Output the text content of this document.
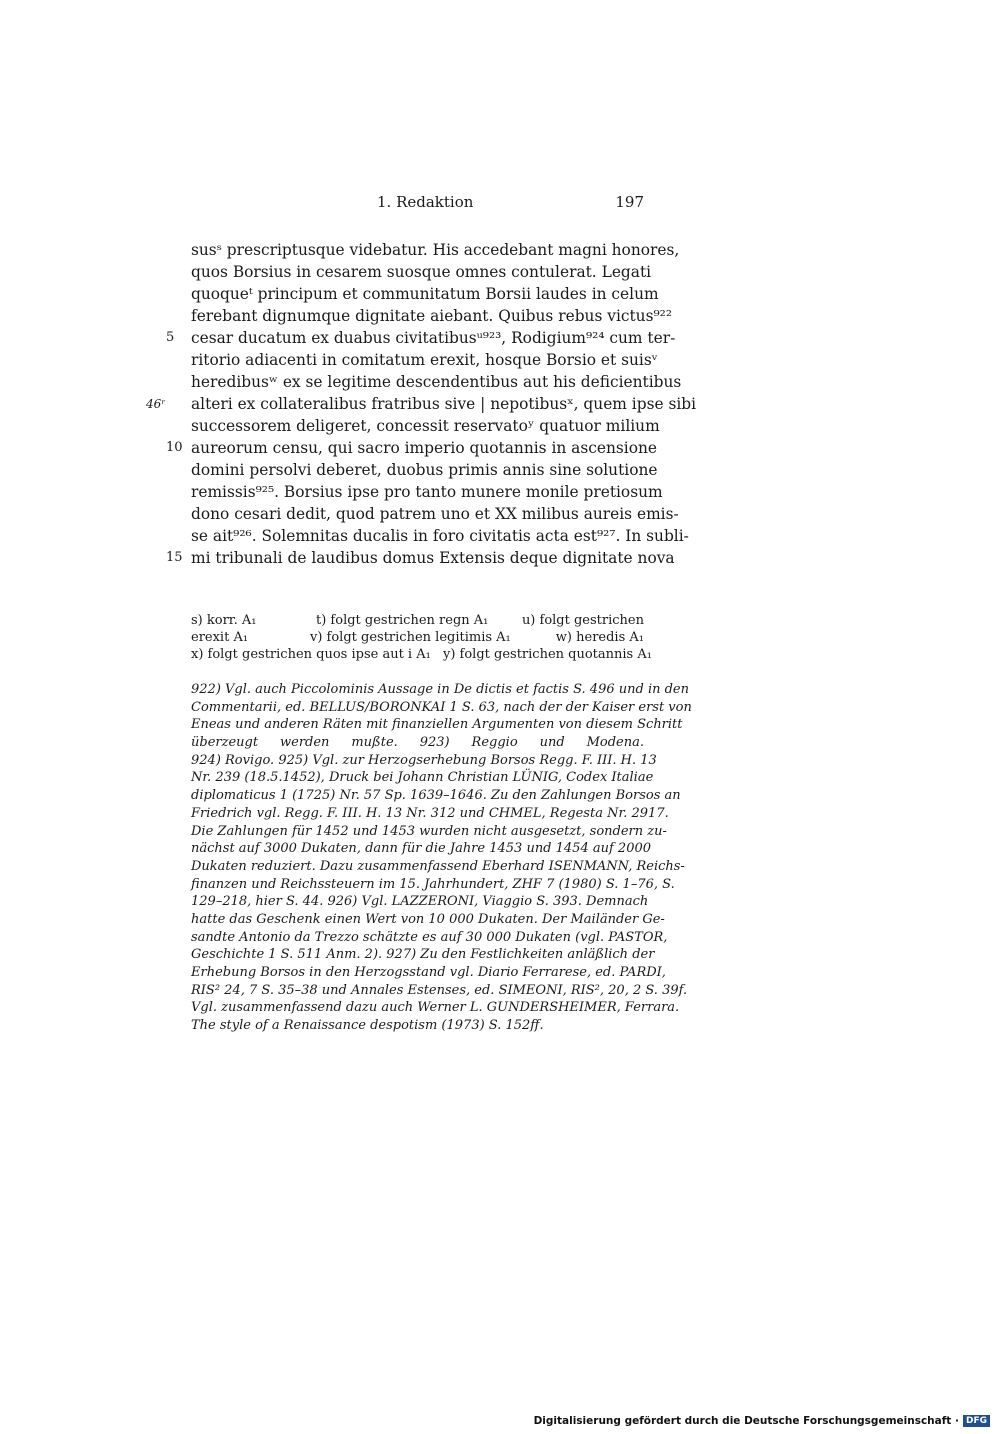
1. Redaktion	197
susˢ prescriptusque videbatur. His accedebant magni honores,
quos Borsius in cesarem suosque omnes contulerat. Legati
quoqueᵗ principum et communitatum Borsii laudes in celum
ferebant dignumque dignitate aiebant. Quibus rebus victus⁹²²
cesar ducatum ex duabus civitatibusᵘ⁹²³, Rodigium⁹²⁴ cum ter-
ritorio adiacenti in comitatum erexit, hosque Borsio et suisᵛ
heredibusʷ ex se legitime descendentibus aut his deficientibus
alteri ex collateralibus fratribus sive | nepotibusˣ, quem ipse sibi
successorem deligeret, concessit reservatoʸ quatuor milium
aureorum censu, qui sacro imperio quotannis in ascensione
domini persolvi deberet, duobus primis annis sine solutione
remissis⁹²⁵. Borsius ipse pro tanto munere monile pretiosum
dono cesari dedit, quod patrem uno et XX milibus aureis emis-
se ait⁹²⁶. Solemnitas ducalis in foro civitatis acta est⁹²⁷. In subli-
mi tribunali de laudibus domus Extensis deque dignitate nova
5
10
15
46ʳ
s) korr. A₁	t) folgt gestrichen regn A₁	u) folgt gestrichen
erexit A₁	v) folgt gestrichen legitimis A₁	w) heredis A₁
x) folgt gestrichen quos ipse aut i A₁ y) folgt gestrichen quotannis A₁
922) Vgl. auch Piccolominis Aussage in De dictis et factis S. 496 und in den
Commentarii, ed. BELLUS/BORONKAI 1 S. 63, nach der der Kaiser erst von
Eneas und anderen Räten mit finanziellen Argumenten von diesem Schritt
überzeugt werden mußte. 923) Reggio und Modena.
924) Rovigo. 925) Vgl. zur Herzogserhebung Borsos Regg. F. III. H. 13
Nr. 239 (18.5.1452), Druck bei Johann Christian LÜNIG, Codex Italiae
diplomaticus 1 (1725) Nr. 57 Sp. 1639–1646. Zu den Zahlungen Borsos an
Friedrich vgl. Regg. F. III. H. 13 Nr. 312 und CHMEL, Regesta Nr. 2917.
Die Zahlungen für 1452 und 1453 wurden nicht ausgesetzt, sondern zu-
nächst auf 3000 Dukaten, dann für die Jahre 1453 und 1454 auf 2000
Dukaten reduziert. Dazu zusammenfassend Eberhard ISENMANN, Reichs-
finanzen und Reichssteuern im 15. Jahrhundert, ZHF 7 (1980) S. 1–76, S.
129–218, hier S. 44. 926) Vgl. LAZZERONI, Viaggio S. 393. Demnach
hatte das Geschenk einen Wert von 10 000 Dukaten. Der Mailänder Ge-
sandte Antonio da Trezzo schätzte es auf 30 000 Dukaten (vgl. PASTOR,
Geschichte 1 S. 511 Anm. 2). 927) Zu den Festlichkeiten anläßlich der
Erhebung Borsos in den Herzogsstand vgl. Diario Ferrarese, ed. PARDI,
RIS² 24, 7 S. 35–38 und Annales Estenses, ed. SIMEONI, RIS², 20, 2 S. 39f.
Vgl. zusammenfassend dazu auch Werner L. GUNDERSHEIMER, Ferrara.
The style of a Renaissance despotism (1973) S. 152ff.
Digitalisierung gefördert durch die Deutsche Forschungsgemeinschaft · DFG
